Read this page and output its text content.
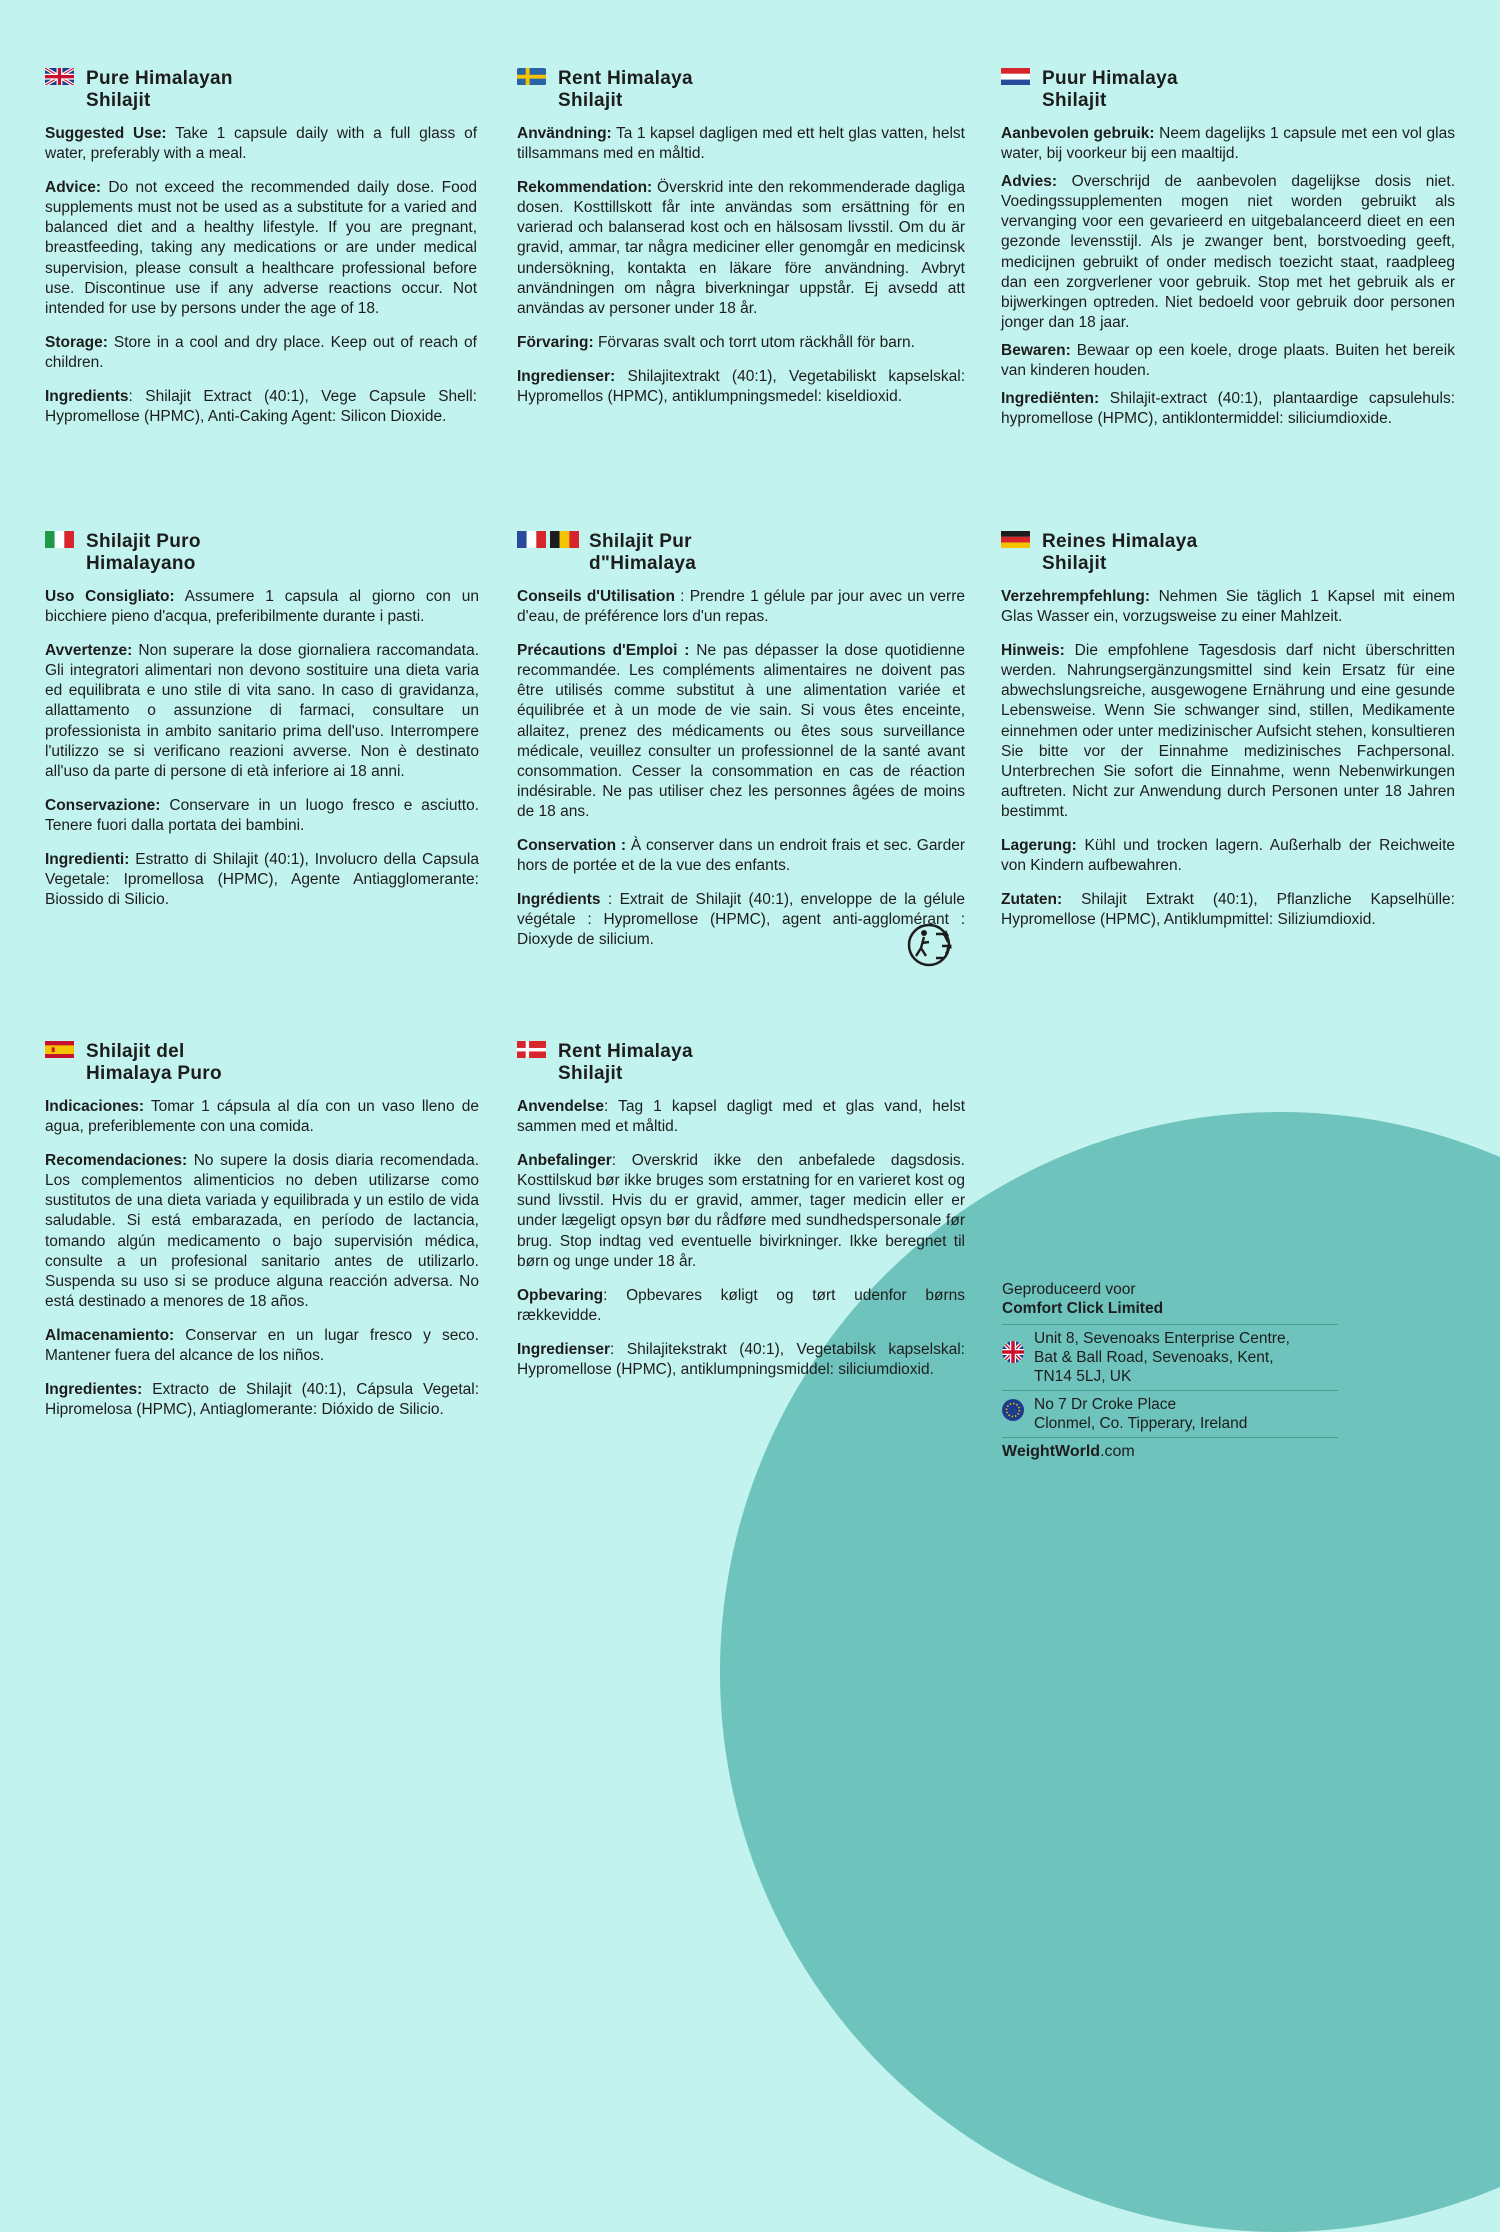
Pure Himalayan
Shilajit

Suggested Use: Take 1 capsule daily with a full glass of water, preferably with a meal.

Advice: Do not exceed the recommended daily dose. Food supplements must not be used as a substitute for a varied and balanced diet and a healthy lifestyle. If you are pregnant, breastfeeding, taking any medications or are under medical supervision, please consult a healthcare professional before use. Discontinue use if any adverse reactions occur. Not intended for use by persons under the age of 18.

Storage: Store in a cool and dry place. Keep out of reach of children.

Ingredients: Shilajit Extract (40:1), Vege Capsule Shell: Hypromellose (HPMC), Anti-Caking Agent: Silicon Dioxide.

Rent Himalaya
Shilajit

Användning: Ta 1 kapsel dagligen med ett helt glas vatten, helst tillsammans med en måltid.

Rekommendation: Överskrid inte den rekommenderade dagliga dosen. Kosttillskott får inte användas som ersättning för en varierad och balanserad kost och en hälsosam livsstil. Om du är gravid, ammar, tar några mediciner eller genomgår en medicinsk undersökning, kontakta en läkare före användning. Avbryt användningen om några biverkningar uppstår. Ej avsedd att användas av personer under 18 år.

Förvaring: Förvaras svalt och torrt utom räckhåll för barn.

Ingredienser: Shilajitextrakt (40:1), Vegetabiliskt kapselskal: Hypromellos (HPMC), antiklumpningsmedel: kiseldioxid.

Puur Himalaya
Shilajit

Aanbevolen gebruik: Neem dagelijks 1 capsule met een vol glas water, bij voorkeur bij een maaltijd.

Advies: Overschrijd de aanbevolen dagelijkse dosis niet. Voedingssupplementen mogen niet worden gebruikt als vervanging voor een gevarieerd en uitgebalanceerd dieet en een gezonde levensstijl. Als je zwanger bent, borstvoeding geeft, medicijnen gebruikt of onder medisch toezicht staat, raadpleeg dan een zorgverlener voor gebruik. Stop met het gebruik als er bijwerkingen optreden. Niet bedoeld voor gebruik door personen jonger dan 18 jaar.

Bewaren: Bewaar op een koele, droge plaats. Buiten het bereik van kinderen houden.

Ingrediënten: Shilajit-extract (40:1), plantaardige capsulehuls: hypromellose (HPMC), antiklontermiddel: siliciumdioxide.

Shilajit Puro
Himalayano

Uso Consigliato: Assumere 1 capsula al giorno con un bicchiere pieno d'acqua, preferibilmente durante i pasti.

Avvertenze: Non superare la dose giornaliera raccomandata. Gli integratori alimentari non devono sostituire una dieta varia ed equilibrata e uno stile di vita sano. In caso di gravidanza, allattamento o assunzione di farmaci, consultare un professionista in ambito sanitario prima dell'uso. Interrompere l'utilizzo se si verificano reazioni avverse. Non è destinato all'uso da parte di persone di età inferiore ai 18 anni.

Conservazione: Conservare in un luogo fresco e asciutto. Tenere fuori dalla portata dei bambini.

Ingredienti: Estratto di Shilajit (40:1), Involucro della Capsula Vegetale: Ipromellosa (HPMC), Agente Antiagglomerante: Biossido di Silicio.

Shilajit Pur
d"Himalaya

Conseils d'Utilisation : Prendre 1 gélule par jour avec un verre d'eau, de préférence lors d'un repas.

Précautions d'Emploi : Ne pas dépasser la dose quotidienne recommandée. Les compléments alimentaires ne doivent pas être utilisés comme substitut à une alimentation variée et équilibrée et à un mode de vie sain. Si vous êtes enceinte, allaitez, prenez des médicaments ou êtes sous surveillance médicale, veuillez consulter un professionnel de la santé avant consommation. Cesser la consommation en cas de réaction indésirable. Ne pas utiliser chez les personnes âgées de moins de 18 ans.

Conservation : À conserver dans un endroit frais et sec. Garder hors de portée et de la vue des enfants.

Ingrédients : Extrait de Shilajit (40:1), enveloppe de la gélule végétale : Hypromellose (HPMC), agent anti-agglomérant : Dioxyde de silicium.

Reines Himalaya
Shilajit

Verzehrempfehlung: Nehmen Sie täglich 1 Kapsel mit einem Glas Wasser ein, vorzugsweise zu einer Mahlzeit.

Hinweis: Die empfohlene Tagesdosis darf nicht überschritten werden. Nahrungsergänzungsmittel sind kein Ersatz für eine abwechslungsreiche, ausgewogene Ernährung und eine gesunde Lebensweise. Wenn Sie schwanger sind, stillen, Medikamente einnehmen oder unter medizinischer Aufsicht stehen, konsultieren Sie bitte vor der Einnahme medizinisches Fachpersonal. Unterbrechen Sie sofort die Einnahme, wenn Nebenwirkungen auftreten. Nicht zur Anwendung durch Personen unter 18 Jahren bestimmt.

Lagerung: Kühl und trocken lagern. Außerhalb der Reichweite von Kindern aufbewahren.

Zutaten: Shilajit Extrakt (40:1), Pflanzliche Kapselhülle: Hypromellose (HPMC), Antiklumpmittel: Siliziumdioxid.

Shilajit del
Himalaya Puro

Indicaciones: Tomar 1 cápsula al día con un vaso lleno de agua, preferiblemente con una comida.

Recomendaciones: No supere la dosis diaria recomendada. Los complementos alimenticios no deben utilizarse como sustitutos de una dieta variada y equilibrada y un estilo de vida saludable. Si está embarazada, en período de lactancia, tomando algún medicamento o bajo supervisión médica, consulte a un profesional sanitario antes de utilizarlo. Suspenda su uso si se produce alguna reacción adversa. No está destinado a menores de 18 años.

Almacenamiento: Conservar en un lugar fresco y seco. Mantener fuera del alcance de los niños.

Ingredientes: Extracto de Shilajit (40:1), Cápsula Vegetal: Hipromelosa (HPMC), Antiaglomerante: Dióxido de Silicio.

Rent Himalaya
Shilajit

Anvendelse: Tag 1 kapsel dagligt med et glas vand, helst sammen med et måltid.

Anbefalinger: Overskrid ikke den anbefalede dagsdosis. Kosttilskud bør ikke bruges som erstatning for en varieret kost og sund livsstil. Hvis du er gravid, ammer, tager medicin eller er under lægeligt opsyn bør du rådføre med sundhedspersonale før brug. Stop indtag ved eventuelle bivirkninger. Ikke beregnet til børn og unge under 18 år.

Opbevaring: Opbevares køligt og tørt udenfor børns rækkevidde.

Ingredienser: Shilajitekstrakt (40:1), Vegetabilsk kapselskal: Hypromellose (HPMC), antiklumpningsmiddel: siliciumdioxid.

Geproduceerd voor
Comfort Click Limited
Unit 8, Sevenoaks Enterprise Centre,
Bat & Ball Road, Sevenoaks, Kent,
TN14 5LJ, UK
No 7 Dr Croke Place
Clonmel, Co. Tipperary, Ireland
WeightWorld.com
